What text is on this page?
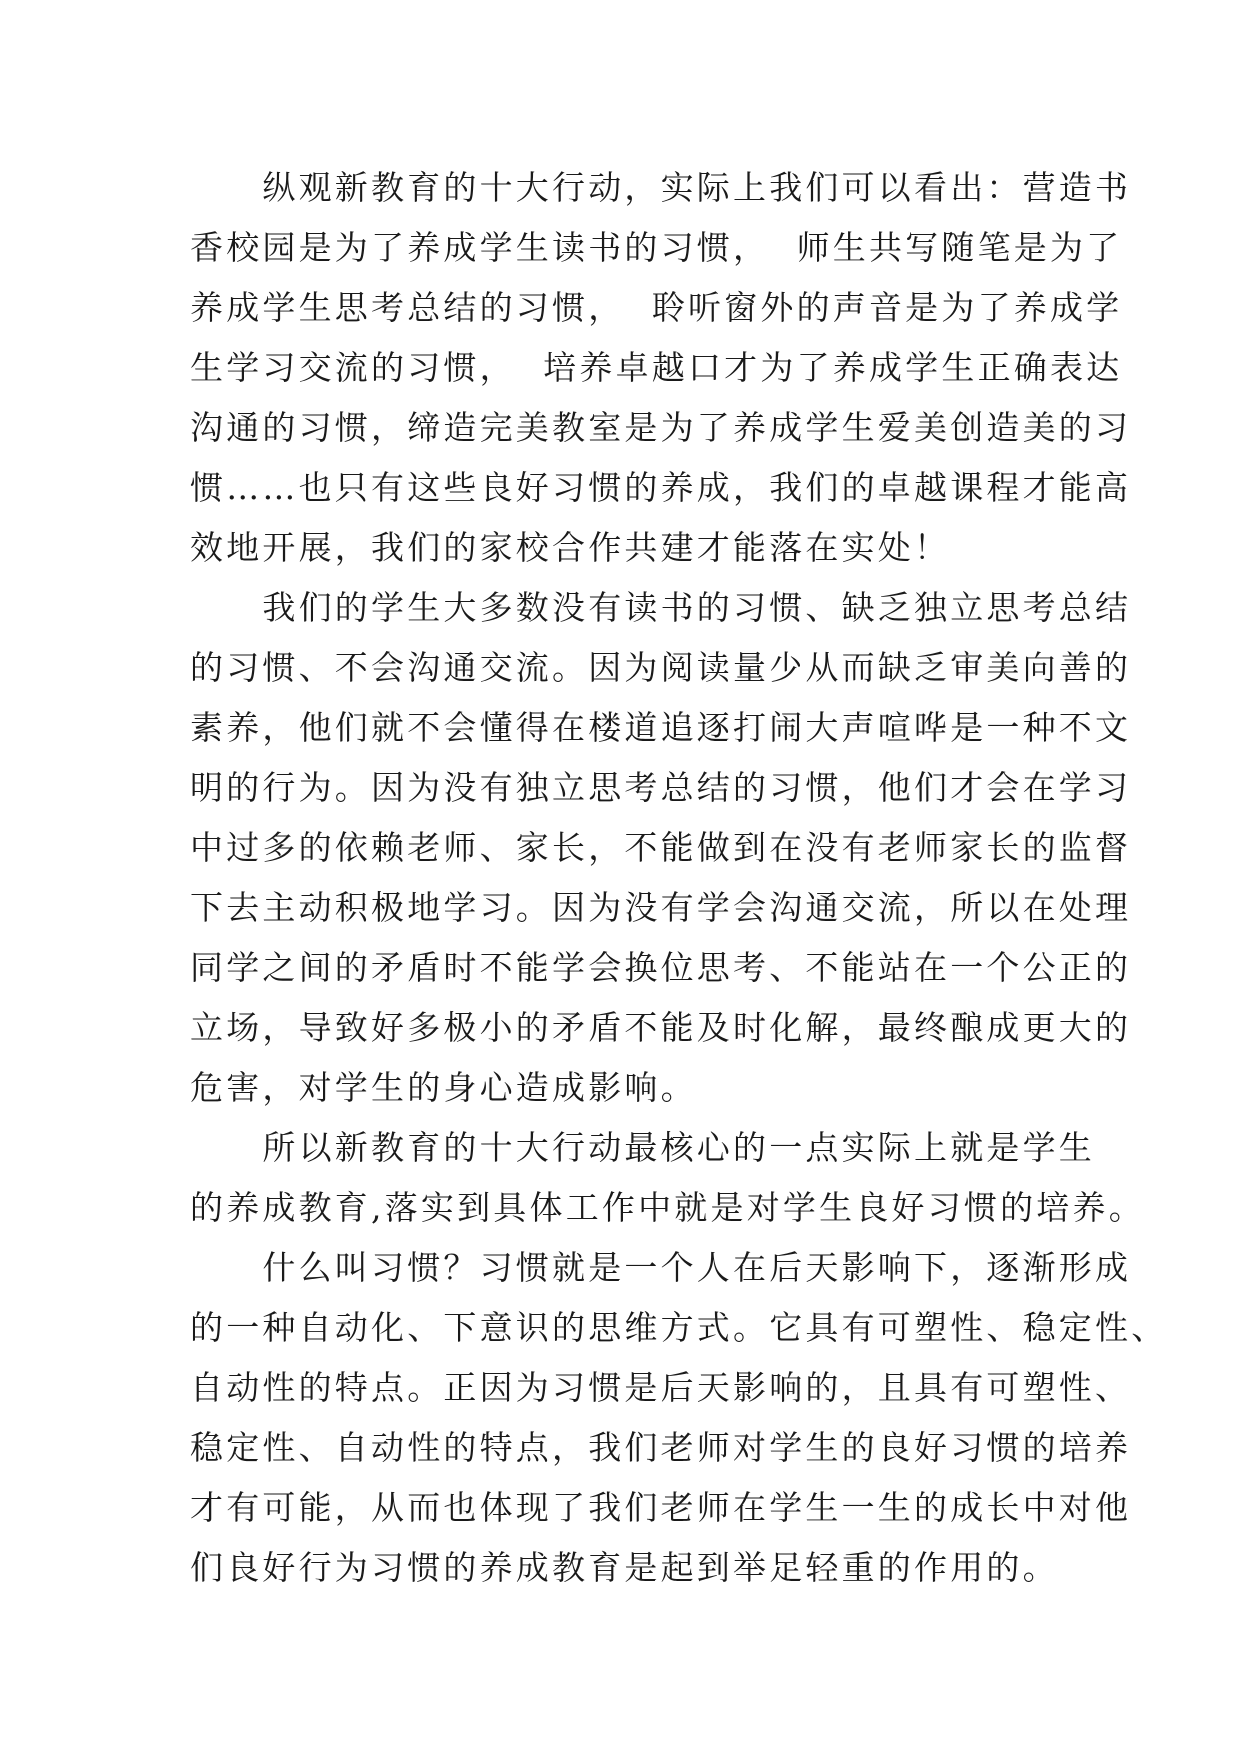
　　纵观新教育的十大行动，实际上我们可以看出：营造书
香校园是为了养成学生读书的习惯，  师生共写随笔是为了
养成学生思考总结的习惯，  聆听窗外的声音是为了养成学
生学习交流的习惯，  培养卓越口才为了养成学生正确表达
沟通的习惯，缔造完美教室是为了养成学生爱美创造美的习
惯……也只有这些良好习惯的养成，我们的卓越课程才能高
效地开展，我们的家校合作共建才能落在实处！
　　我们的学生大多数没有读书的习惯、缺乏独立思考总结
的习惯、不会沟通交流。因为阅读量少从而缺乏审美向善的
素养，他们就不会懂得在楼道追逐打闹大声喧哗是一种不文
明的行为。因为没有独立思考总结的习惯，他们才会在学习
中过多的依赖老师、家长，不能做到在没有老师家长的监督
下去主动积极地学习。因为没有学会沟通交流，所以在处理
同学之间的矛盾时不能学会换位思考、不能站在一个公正的
立场，导致好多极小的矛盾不能及时化解，最终酿成更大的
危害，对学生的身心造成影响。
　　所以新教育的十大行动最核心的一点实际上就是学生
的养成教育,落实到具体工作中就是对学生良好习惯的培养。
　　什么叫习惯？习惯就是一个人在后天影响下，逐渐形成
的一种自动化、下意识的思维方式。它具有可塑性、稳定性、
自动性的特点。正因为习惯是后天影响的，且具有可塑性、
稳定性、自动性的特点，我们老师对学生的良好习惯的培养
才有可能，从而也体现了我们老师在学生一生的成长中对他
们良好行为习惯的养成教育是起到举足轻重的作用的。
